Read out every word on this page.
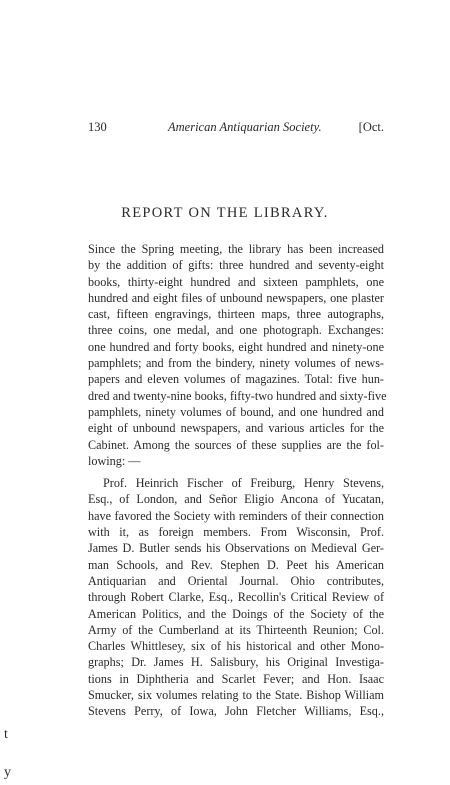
130	American Antiquarian Society.	[Oct.
REPORT ON THE LIBRARY.
Since the Spring meeting, the library has been increased
by the addition of gifts: three hundred and seventy-eight
books, thirty-eight hundred and sixteen pamphlets, one
hundred and eight files of unbound newspapers, one plaster
cast, fifteen engravings, thirteen maps, three autographs,
three coins, one medal, and one photograph. Exchanges:
one hundred and forty books, eight hundred and ninety-one
pamphlets; and from the bindery, ninety volumes of news-
papers and eleven volumes of magazines. Total: five hun-
dred and twenty-nine books, fifty-two hundred and sixty-five
pamphlets, ninety volumes of bound, and one hundred and
eight of unbound newspapers, and various articles for the
Cabinet. Among the sources of these supplies are the fol-
lowing: —
Prof. Heinrich Fischer of Freiburg, Henry Stevens,
Esq., of London, and Señor Eligio Ancona of Yucatan,
have favored the Society with reminders of their connection
with it, as foreign members. From Wisconsin, Prof.
James D. Butler sends his Observations on Medieval Ger-
man Schools, and Rev. Stephen D. Peet his American
Antiquarian and Oriental Journal. Ohio contributes,
through Robert Clarke, Esq., Recollin's Critical Review of
American Politics, and the Doings of the Society of the
Army of the Cumberland at its Thirteenth Reunion; Col.
Charles Whittlesey, six of his historical and other Mono-
graphs; Dr. James H. Salisbury, his Original Investiga-
tions in Diphtheria and Scarlet Fever; and Hon. Isaac
Smucker, six volumes relating to the State. Bishop William
Stevens Perry, of Iowa, John Fletcher Williams, Esq.,
t
y
